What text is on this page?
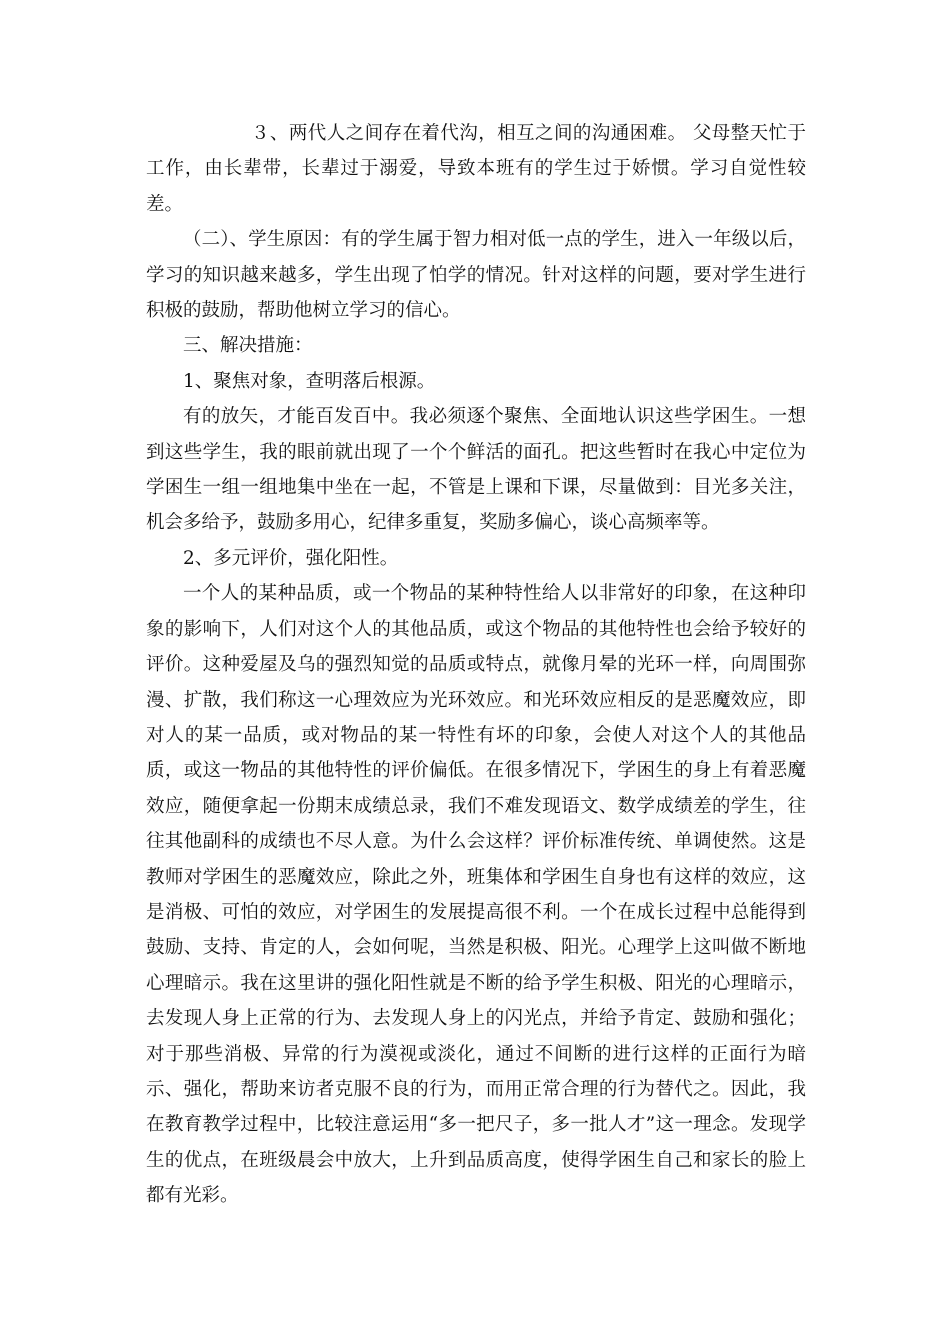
３、两代人之间存在着代沟，相互之间的沟通困难。 父母整天忙于工作，由长辈带，长辈过于溺爱，导致本班有的学生过于娇惯。学习自觉性较差。

（二）、学生原因：有的学生属于智力相对低一点的学生，进入一年级以后，学习的知识越来越多，学生出现了怕学的情况。针对这样的问题，要对学生进行积极的鼓励，帮助他树立学习的信心。

三、解决措施：

1、聚焦对象，查明落后根源。

有的放矢，才能百发百中。我必须逐个聚焦、全面地认识这些学困生。一想到这些学生，我的眼前就出现了一个个鲜活的面孔。把这些暂时在我心中定位为学困生一组一组地集中坐在一起，不管是上课和下课，尽量做到：目光多关注，机会多给予，鼓励多用心，纪律多重复，奖励多偏心，谈心高频率等。

2、多元评价，强化阳性。

一个人的某种品质，或一个物品的某种特性给人以非常好的印象，在这种印象的影响下，人们对这个人的其他品质，或这个物品的其他特性也会给予较好的评价。这种爱屋及乌的强烈知觉的品质或特点，就像月晕的光环一样，向周围弥漫、扩散，我们称这一心理效应为光环效应。和光环效应相反的是恶魔效应，即对人的某一品质，或对物品的某一特性有坏的印象，会使人对这个人的其他品质，或这一物品的其他特性的评价偏低。在很多情况下，学困生的身上有着恶魔效应，随便拿起一份期末成绩总录，我们不难发现语文、数学成绩差的学生，往往其他副科的成绩也不尽人意。为什么会这样？评价标准传统、单调使然。这是教师对学困生的恶魔效应，除此之外，班集体和学困生自身也有这样的效应，这是消极、可怕的效应，对学困生的发展提高很不利。一个在成长过程中总能得到鼓励、支持、肯定的人，会如何呢，当然是积极、阳光。心理学上这叫做不断地心理暗示。我在这里讲的强化阳性就是不断的给予学生积极、阳光的心理暗示，去发现人身上正常的行为、去发现人身上的闪光点，并给予肯定、鼓励和强化；对于那些消极、异常的行为漠视或淡化，通过不间断的进行这样的正面行为暗示、强化，帮助来访者克服不良的行为，而用正常合理的行为替代之。因此，我在教育教学过程中，比较注意运用“多一把尺子，多一批人才”这一理念。发现学生的优点，在班级晨会中放大，上升到品质高度，使得学困生自己和家长的脸上都有光彩。
